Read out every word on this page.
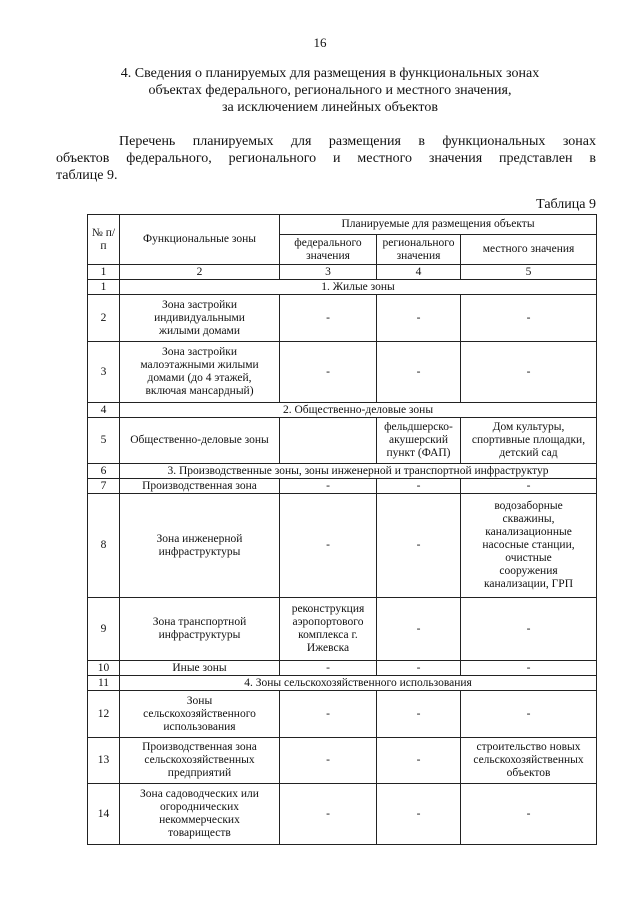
16
4. Сведения о планируемых для размещения в функциональных зонах
объектах федерального, регионального и местного значения,
за исключением линейных объектов
Перечень планируемых для размещения в функциональных зонах
объектов федерального, регионального и местного значения представлен в
таблице 9.
Таблица 9
№ п/п	Функциональные зоны	Планируемые для размещения объекты		
		федерального значения	регионального значения	местного значения
1	2	3	4	5
1	1. Жилые зоны			
2	Зона застройки индивидуальными жилыми домами	-	-	-
3	Зона застройки малоэтажными жилыми домами (до 4 этажей, включая мансардный)	-	-	-
4	2. Общественно-деловые зоны			
5	Общественно-деловые зоны		фельдшерско-акушерский пункт (ФАП)	Дом культуры, спортивные площадки, детский сад
6	3. Производственные зоны, зоны инженерной и транспортной инфраструктур			
7	Производственная зона	-	-	-
8	Зона инженерной инфраструктуры	-	-	водозаборные скважины, канализационные насосные станции, очистные сооружения канализации, ГРП
9	Зона транспортной инфраструктуры	реконструкция аэропортового комплекса г. Ижевска	-	-
10	Иные зоны	-	-	-
11	4. Зоны сельскохозяйственного использования			
12	Зоны сельскохозяйственного использования	-	-	-
13	Производственная зона сельскохозяйственных предприятий	-	-	строительство новых сельскохозяйственных объектов
14	Зона садоводческих или огороднических некоммерческих товариществ	-	-	-
